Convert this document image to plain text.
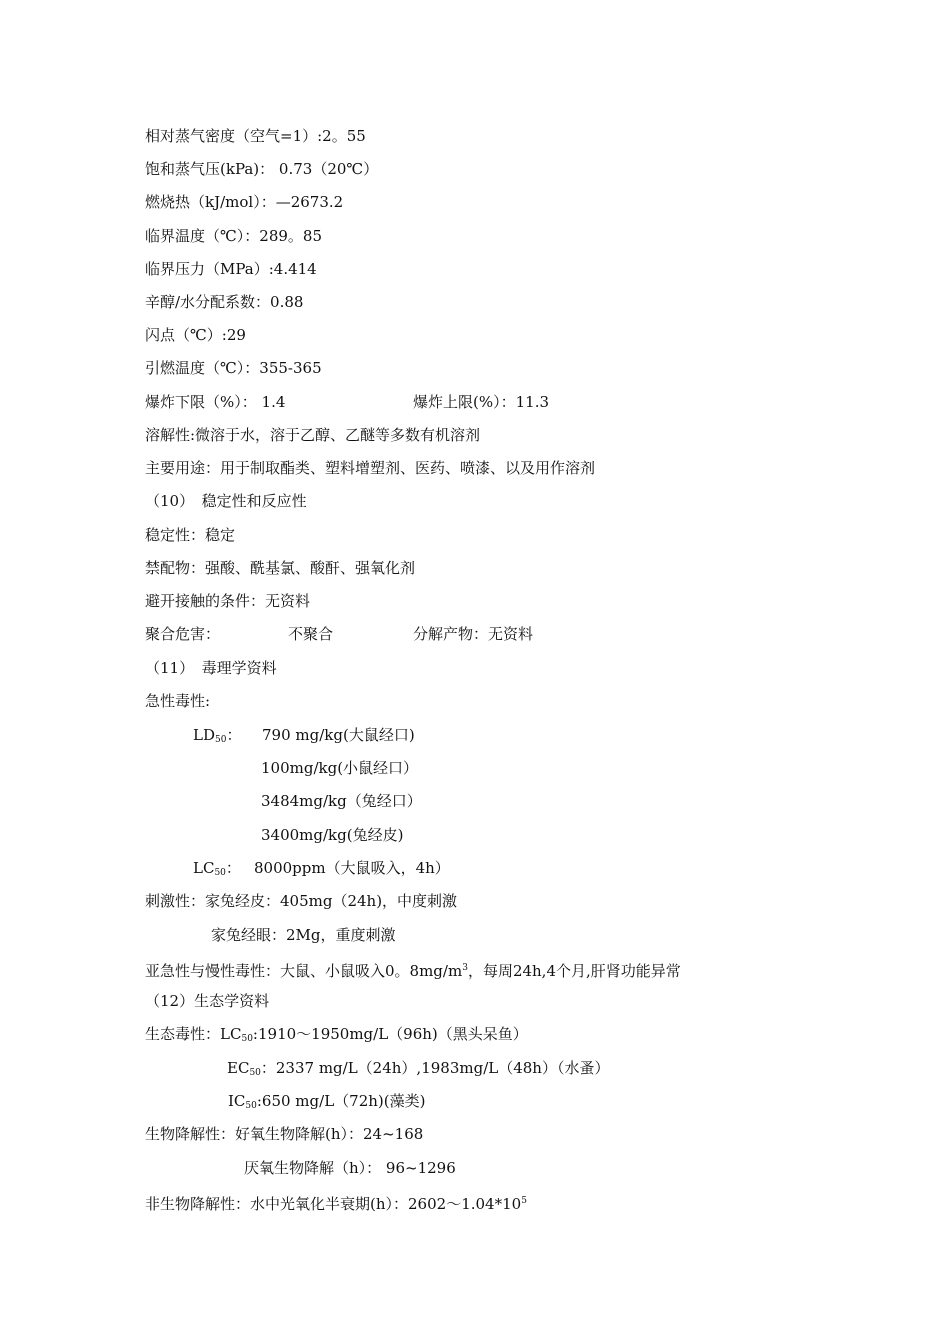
相对蒸气密度（空气=1）:2。55
饱和蒸气压(kPa)： 0.73（20℃）
燃烧热（kJ/mol）：—2673.2
临界温度（℃）：289。85
临界压力（MPa）:4.414
辛醇/水分配系数：0.88
闪点（℃）:29
引燃温度（℃）：355-365
爆炸下限（%）： 1.4	爆炸上限(%）：11.3
溶解性:微溶于水，溶于乙醇、乙醚等多数有机溶剂
主要用途：用于制取酯类、塑料增塑剂、医药、喷漆、以及用作溶剂
（10）　稳定性和反应性
稳定性：稳定
禁配物：强酸、酰基氯、酸酐、强氧化剂
避开接触的条件：无资料
聚合危害：	不聚合	分解产物：无资料
（11）　毒理学资料
急性毒性:
$LD_{50}$： 790 mg/kg(大鼠经口)
100mg/kg(小鼠经口）
3484mg/kg（兔经口）
3400mg/kg(兔经皮)
$LC_{50}$： 8000ppm（大鼠吸入，4h）
刺激性：家兔经皮：405mg（24h)，中度刺激
家兔经眼：2Mg，重度刺激
亚急性与慢性毒性：大鼠、小鼠吸入0。$8mg/m^3$，每周24h,4个月,肝肾功能异常
（12）生态学资料
生态毒性：$LC_{50}:1910\sim 1950mg/L(96h)$（黑头呆鱼）
$EC_{50}$：2337 mg/L（24h）,1983mg/L（48h）（水蚤）
$IC_{50}:650$ mg/L（72h)(藻类)
生物降解性：好氧生物降解(h）：24~168
厌氧生物降解（h）： 96~1296
非生物降解性：水中光氧化半衰期(h）：$2602\sim 1.04*10^5$
